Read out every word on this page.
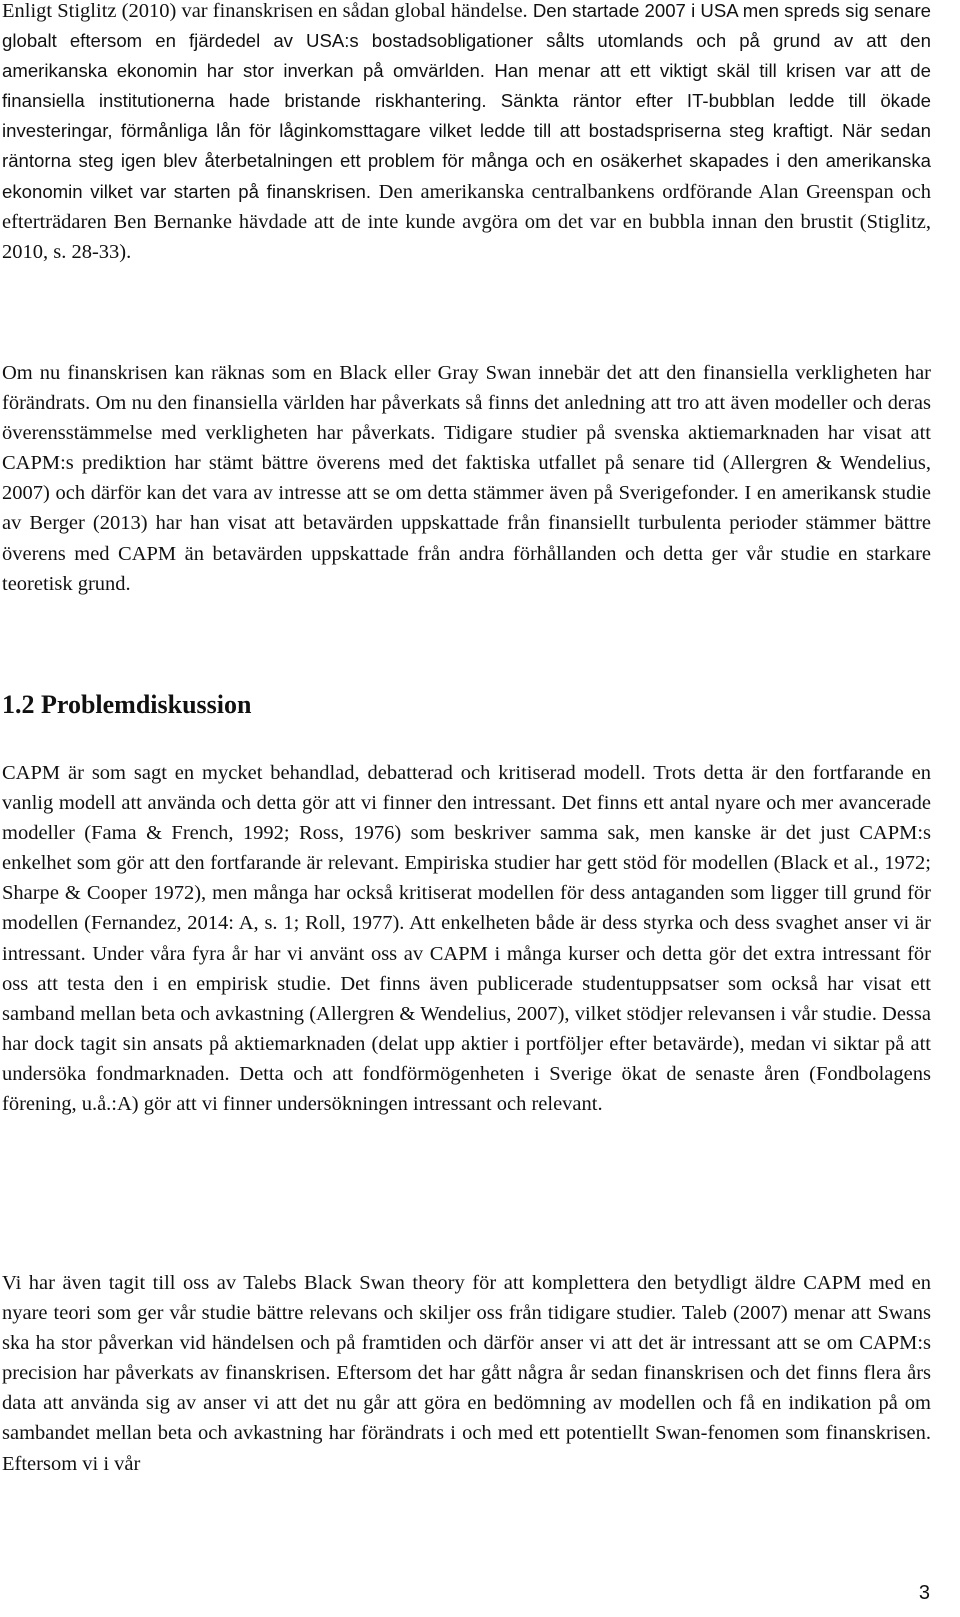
Enligt Stiglitz (2010) var finanskrisen en sådan global händelse. Den startade 2007 i USA men spreds sig senare globalt eftersom en fjärdedel av USA:s bostadsobligationer sålts utomlands och på grund av att den amerikanska ekonomin har stor inverkan på omvärlden. Han menar att ett viktigt skäl till krisen var att de finansiella institutionerna hade bristande riskhantering. Sänkta räntor efter IT-bubblan ledde till ökade investeringar, förmånliga lån för låginkomsttagare vilket ledde till att bostadspriserna steg kraftigt. När sedan räntorna steg igen blev återbetalningen ett problem för många och en osäkerhet skapades i den amerikanska ekonomin vilket var starten på finanskrisen. Den amerikanska centralbankens ordförande Alan Greenspan och efterträdaren Ben Bernanke hävdade att de inte kunde avgöra om det var en bubbla innan den brustit (Stiglitz, 2010, s. 28-33).

Om nu finanskrisen kan räknas som en Black eller Gray Swan innebär det att den finansiella verkligheten har förändrats. Om nu den finansiella världen har påverkats så finns det anledning att tro att även modeller och deras överensstämmelse med verkligheten har påverkats. Tidigare studier på svenska aktiemarknaden har visat att CAPM:s prediktion har stämt bättre överens med det faktiska utfallet på senare tid (Allergren & Wendelius, 2007) och därför kan det vara av intresse att se om detta stämmer även på Sverigefonder. I en amerikansk studie av Berger (2013) har han visat att betavärden uppskattade från finansiellt turbulenta perioder stämmer bättre överens med CAPM än betavärden uppskattade från andra förhållanden och detta ger vår studie en starkare teoretisk grund.

1.2 Problemdiskussion

CAPM är som sagt en mycket behandlad, debatterad och kritiserad modell. Trots detta är den fortfarande en vanlig modell att använda och detta gör att vi finner den intressant. Det finns ett antal nyare och mer avancerade modeller (Fama & French, 1992; Ross, 1976) som beskriver samma sak, men kanske är det just CAPM:s enkelhet som gör att den fortfarande är relevant. Empiriska studier har gett stöd för modellen (Black et al., 1972; Sharpe & Cooper 1972), men många har också kritiserat modellen för dess antaganden som ligger till grund för modellen (Fernandez, 2014: A, s. 1; Roll, 1977). Att enkelheten både är dess styrka och dess svaghet anser vi är intressant. Under våra fyra år har vi använt oss av CAPM i många kurser och detta gör det extra intressant för oss att testa den i en empirisk studie. Det finns även publicerade studentuppsatser som också har visat ett samband mellan beta och avkastning (Allergren & Wendelius, 2007), vilket stödjer relevansen i vår studie. Dessa har dock tagit sin ansats på aktiemarknaden (delat upp aktier i portföljer efter betavärde), medan vi siktar på att undersöka fondmarknaden. Detta och att fondförmögenheten i Sverige ökat de senaste åren (Fondbolagens förening, u.å.:A) gör att vi finner undersökningen intressant och relevant.

Vi har även tagit till oss av Talebs Black Swan theory för att komplettera den betydligt äldre CAPM med en nyare teori som ger vår studie bättre relevans och skiljer oss från tidigare studier. Taleb (2007) menar att Swans ska ha stor påverkan vid händelsen och på framtiden och därför anser vi att det är intressant att se om CAPM:s precision har påverkats av finanskrisen. Eftersom det har gått några år sedan finanskrisen och det finns flera års data att använda sig av anser vi att det nu går att göra en bedömning av modellen och få en indikation på om sambandet mellan beta och avkastning har förändrats i och med ett potentiellt Swan-fenomen som finanskrisen. Eftersom vi i vår

3
